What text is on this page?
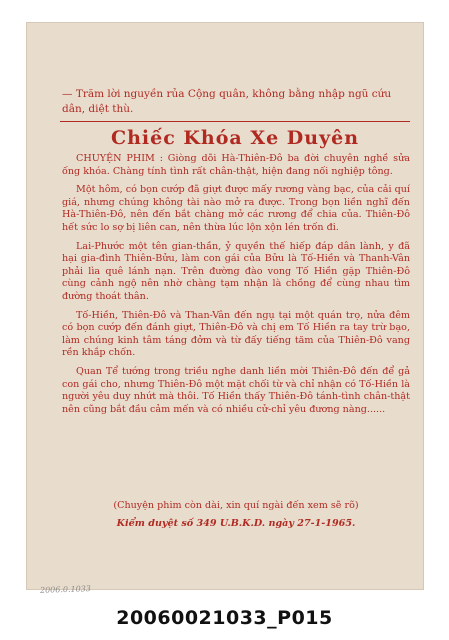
— Trăm lời nguyền rủa Cộng quân, không bằng nhập ngũ cứu dân, diệt thù.
Chiếc Khóa Xe Duyên

CHUYỆN PHIM : Giòng dõi Hà-Thiên-Đô ba đời chuyên nghề sửa ống khóa. Chàng tính tình rất chân-thật, hiện đang nối nghiệp tông.

Một hôm, có bọn cướp đã giựt được mấy rương vàng bạc, của cải quí giá, nhưng chúng không tài nào mở ra được. Trong bọn liền nghĩ đến Hà-Thiên-Đô, nên đến bắt chàng mở các rương để chia của. Thiên-Đô hết sức lo sợ bị liên can, nên thừa lúc lộn xộn lén trốn đi.

Lai-Phước một tên gian-thần, ỷ quyền thế hiếp đáp dân lành, y đã hại gia-đình Thiên-Bửu, làm con gái của Bửu là Tố-Hiền và Thanh-Vân phải lìa quê lánh nạn. Trên đường đào vong Tố Hiền gặp Thiên-Đô cùng cảnh ngộ nên nhờ chàng tạm nhận là chồng để cùng nhau tìm đường thoát thân.

Tố-Hiền, Thiên-Đô và Than-Vân đến ngụ tại một quán trọ, nửa đêm có bọn cướp đến đánh giựt, Thiên-Đô và chị em Tố Hiền ra tay trừ bạo, làm chúng kinh tâm táng đởm và từ đấy tiếng tăm của Thiên-Đô vang rền khắp chốn.

Quan Tể tướng trong triều nghe danh liền mời Thiên-Đô đến để gả con gái cho, nhưng Thiên-Đô một mặt chối từ và chỉ nhận có Tố-Hiền là người yêu duy nhứt mà thôi. Tố Hiền thấy Thiên-Đô tánh-tình chân-thật nên cũng bắt đầu cảm mến và có nhiều cử-chỉ yêu đương nàng......

(Chuyện phim còn dài, xin quí ngài đến xem sẽ rõ)
Kiểm duyệt số 349 U.B.K.D. ngày 27-1-1965.
2006.0.1033
20060021033_P015
